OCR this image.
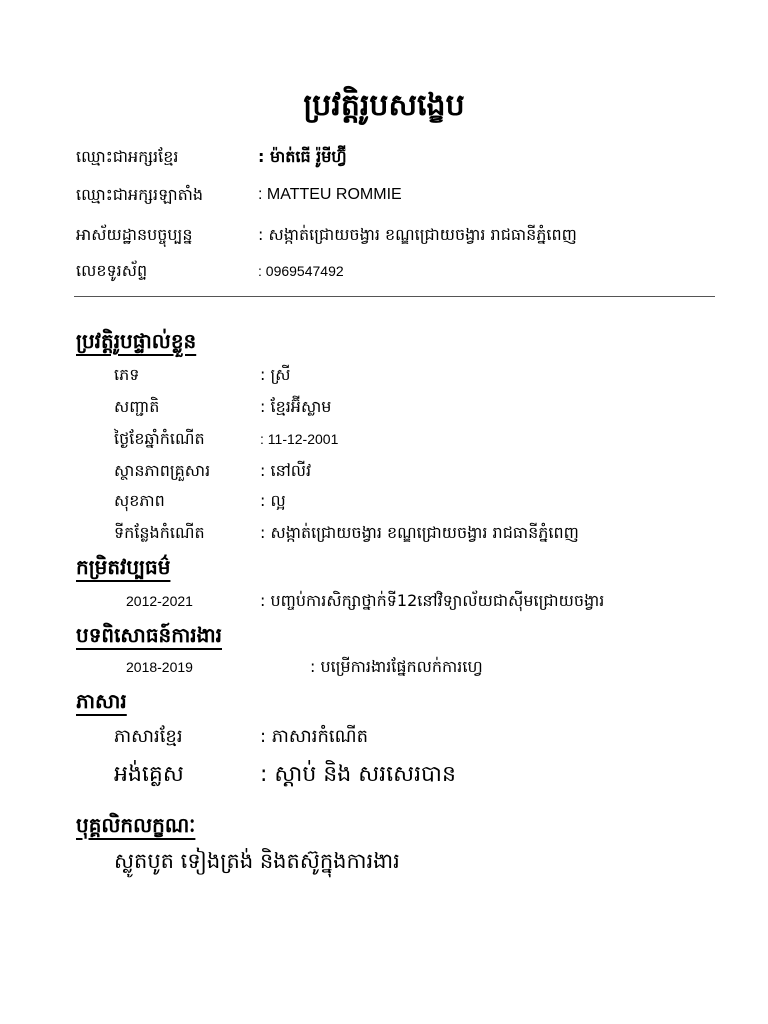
ប្រវត្តិរូបសង្ខេប
ឈ្មោះជាអក្សរខ្មែរ	: ម៉ាត់ធើ រ៉ូមីហ្វ៊ី
ឈ្មោះជាអក្សរឡាតាំង	: MATTEU ROMMIE
អាស័យដ្ឋានបច្ចុប្បន្ន	: សង្កាត់ជ្រោយចង្វារ ខណ្ឌជ្រោយចង្វារ រាជធានីភ្នំពេញ
លេខទូរស័ព្ទ	: 0969547492
ប្រវត្តិរូបផ្ទាល់ខ្លួន
ភេទ	: ស្រី
សញ្ជាតិ	: ខ្មែរអ៊ីស្លាម
ថ្ងៃខែឆ្នាំកំណើត	: 11-12-2001
ស្ថានភាពគ្រួសារ	: នៅលីវ
សុខភាព	: ល្អ
ទីកន្លែងកំណើត	: សង្កាត់ជ្រោយចង្វារ ខណ្ឌជ្រោយចង្វារ រាជធានីភ្នំពេញ
កម្រិតវប្បធម៌
2012-2021	: បញ្ចប់ការសិក្សាថ្នាក់ទី12នៅវិទ្យាល័យជាស៊ីមជ្រោយចង្វារ
បទពិសោធន៍ការងារ
2018-2019	: បម្រើការងារផ្នែកលក់ការហ្វេ
ភាសារ
ភាសារខ្មែរ	: ភាសារកំណើត
អង់គ្លេស	: ស្តាប់ និង សរសេរបាន
បុគ្គលិកលក្ខណៈ
ស្លូតបូត ទៀងត្រង់ និងតស៊ូក្នុងការងារ
